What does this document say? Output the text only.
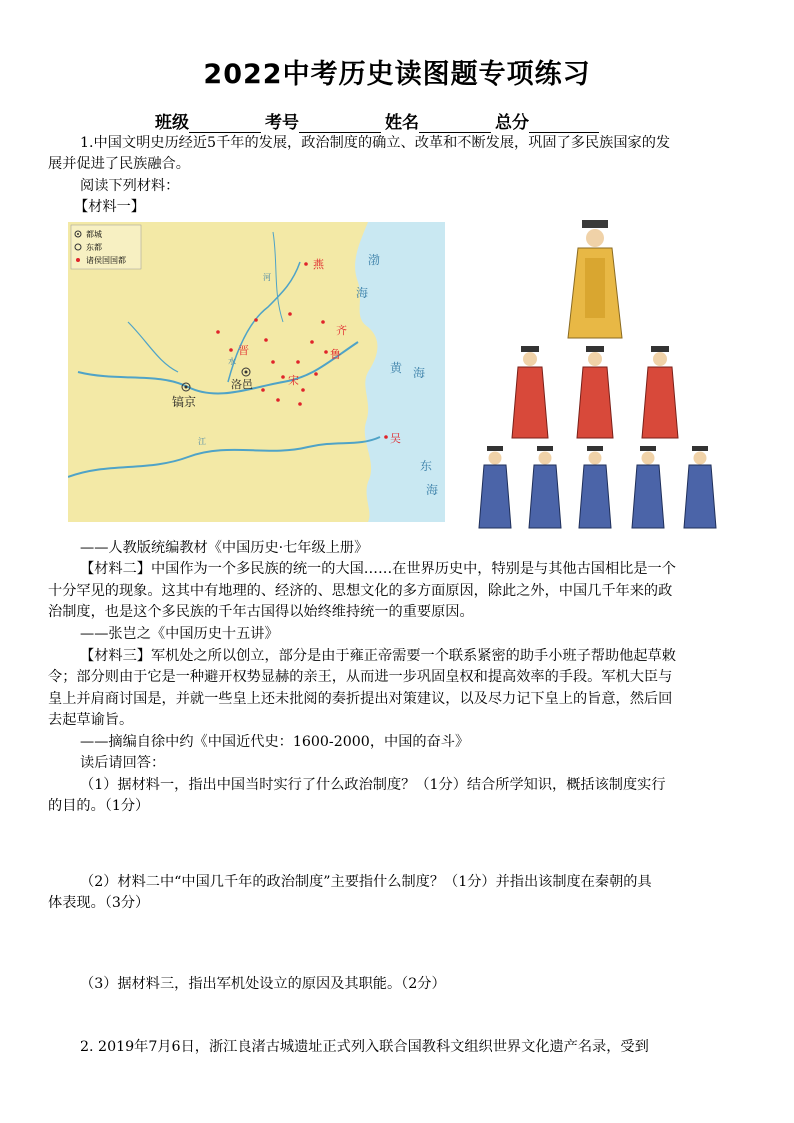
2022中考历史读图题专项练习
班级	考号	姓名	总分
1.中国文明史历经近5千年的发展，政治制度的确立、改革和不断发展，巩固了多民族国家的发
展并促进了民族融合。
阅读下列材料：
【材料一】
都城
东都
诸侯国国都
镐京
洛邑
燕
齐
鲁
晋
宋
吴
渤
海
黄 海
东
海
河
水
江
——人教版统编教材《中国历史·七年级上册》
【材料二】中国作为一个多民族的统一的大国……在世界历史中，特别是与其他古国相比是一个
十分罕见的现象。这其中有地理的、经济的、思想文化的多方面原因，除此之外，中国几千年来的政
治制度，也是这个多民族的千年古国得以始终维持统一的重要原因。
——张岂之《中国历史十五讲》
【材料三】军机处之所以创立，部分是由于雍正帝需要一个联系紧密的助手小班子帮助他起草敕
令；部分则由于它是一种避开权势显赫的亲王，从而进一步巩固皇权和提高效率的手段。军机大臣与
皇上并肩商讨国是，并就一些皇上还未批阅的奏折提出对策建议，以及尽力记下皇上的旨意，然后回
去起草谕旨。
——摘编自徐中约《中国近代史：1600-2000，中国的奋斗》
读后请回答：
（1）据材料一，指出中国当时实行了什么政治制度？（1分）结合所学知识，概括该制度实行
的目的。（1分）
（2）材料二中“中国几千年的政治制度”主要指什么制度？（1分）并指出该制度在秦朝的具
体表现。（3分）
（3）据材料三，指出军机处设立的原因及其职能。（2分）
2. 2019年7月6日，浙江良渚古城遗址正式列入联合国教科文组织世界文化遗产名录，受到
